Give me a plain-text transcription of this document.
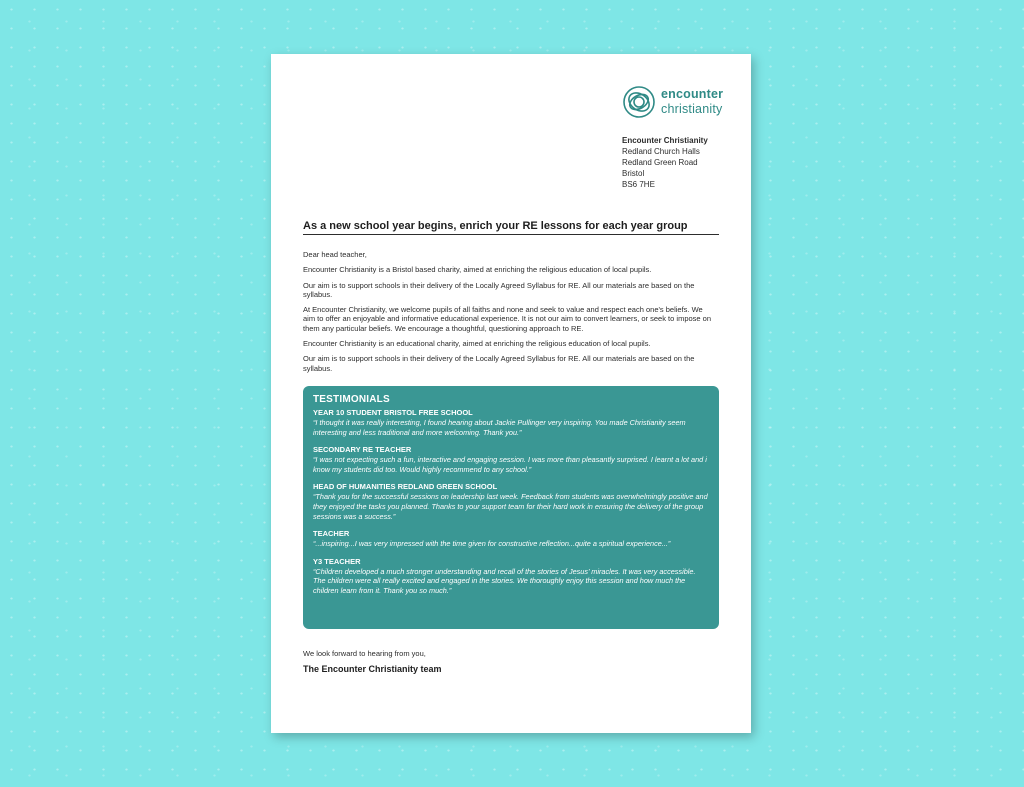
encounter
christianity
Encounter Christianity
Redland Church Halls
Redland Green Road
Bristol
BS6 7HE
As a new school year begins, enrich your RE lessons for each year group

Dear head teacher,

Encounter Christianity is a Bristol based charity, aimed at enriching the religious education of local pupils.

Our aim is to support schools in their delivery of the Locally Agreed Syllabus for RE. All our materials are based on the syllabus.

At Encounter Christianity, we welcome pupils of all faiths and none and seek to value and respect each one's beliefs. We aim to offer an enjoyable and informative educational experience. It is not our aim to convert learners, or seek to impose on them any particular beliefs. We encourage a thoughtful, questioning approach to RE.

Encounter Christianity is an educational charity, aimed at enriching the religious education of local pupils.

Our aim is to support schools in their delivery of the Locally Agreed Syllabus for RE. All our materials are based on the syllabus.

TESTIMONIALS
YEAR 10 STUDENT BRISTOL FREE SCHOOL

“I thought it was really interesting, I found hearing about Jackie Pullinger very inspiring. You made Christianity seem interesting and less traditional and more welcoming. Thank you.”

SECONDARY RE TEACHER

“I was not expecting such a fun, interactive and engaging session. I was more than pleasantly surprised. I learnt a lot and i know my students did too. Would highly recommend to any school.”

HEAD OF HUMANITIES REDLAND GREEN SCHOOL

“Thank you for the successful sessions on leadership last week. Feedback from students was overwhelmingly positive and they enjoyed the tasks you planned. Thanks to your support team for their hard work in ensuring the delivery of the group sessions was a success.”

TEACHER

“...inspiring...I was very impressed with the time given for constructive reflection...quite a spiritual experience...”

Y3 TEACHER

“Children developed a much stronger understanding and recall of the stories of Jesus’ miracles. It was very accessible. The children were all really excited and engaged in the stories. We thoroughly enjoy this session and how much the children learn from it. Thank you so much.”

We look forward to hearing from you,
The Encounter Christianity team
